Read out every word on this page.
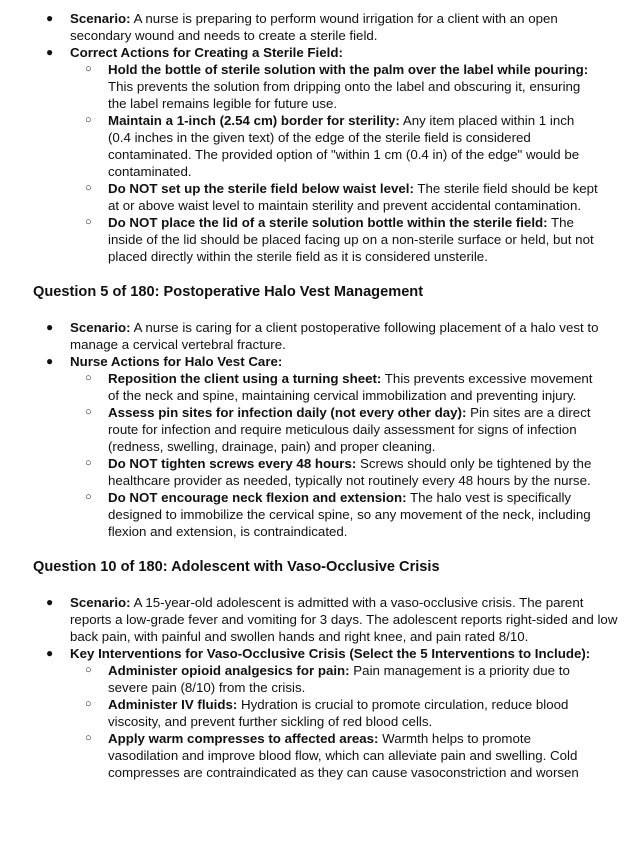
● Scenario: A nurse is preparing to perform wound irrigation for a client with an open secondary wound and needs to create a sterile field.
● Correct Actions for Creating a Sterile Field:
○ Hold the bottle of sterile solution with the palm over the label while pouring: This prevents the solution from dripping onto the label and obscuring it, ensuring the label remains legible for future use.
○ Maintain a 1-inch (2.54 cm) border for sterility: Any item placed within 1 inch (0.4 inches in the given text) of the edge of the sterile field is considered contaminated. The provided option of "within 1 cm (0.4 in) of the edge" would be contaminated.
○ Do NOT set up the sterile field below waist level: The sterile field should be kept at or above waist level to maintain sterility and prevent accidental contamination.
○ Do NOT place the lid of a sterile solution bottle within the sterile field: The inside of the lid should be placed facing up on a non-sterile surface or held, but not placed directly within the sterile field as it is considered unsterile.
Question 5 of 180: Postoperative Halo Vest Management
● Scenario: A nurse is caring for a client postoperative following placement of a halo vest to manage a cervical vertebral fracture.
● Nurse Actions for Halo Vest Care:
○ Reposition the client using a turning sheet: This prevents excessive movement of the neck and spine, maintaining cervical immobilization and preventing injury.
○ Assess pin sites for infection daily (not every other day): Pin sites are a direct route for infection and require meticulous daily assessment for signs of infection (redness, swelling, drainage, pain) and proper cleaning.
○ Do NOT tighten screws every 48 hours: Screws should only be tightened by the healthcare provider as needed, typically not routinely every 48 hours by the nurse.
○ Do NOT encourage neck flexion and extension: The halo vest is specifically designed to immobilize the cervical spine, so any movement of the neck, including flexion and extension, is contraindicated.
Question 10 of 180: Adolescent with Vaso-Occlusive Crisis
● Scenario: A 15-year-old adolescent is admitted with a vaso-occlusive crisis. The parent reports a low-grade fever and vomiting for 3 days. The adolescent reports right-sided and low back pain, with painful and swollen hands and right knee, and pain rated 8/10.
● Key Interventions for Vaso-Occlusive Crisis (Select the 5 Interventions to Include):
○ Administer opioid analgesics for pain: Pain management is a priority due to severe pain (8/10) from the crisis.
○ Administer IV fluids: Hydration is crucial to promote circulation, reduce blood viscosity, and prevent further sickling of red blood cells.
○ Apply warm compresses to affected areas: Warmth helps to promote vasodilation and improve blood flow, which can alleviate pain and swelling. Cold compresses are contraindicated as they can cause vasoconstriction and worsen
